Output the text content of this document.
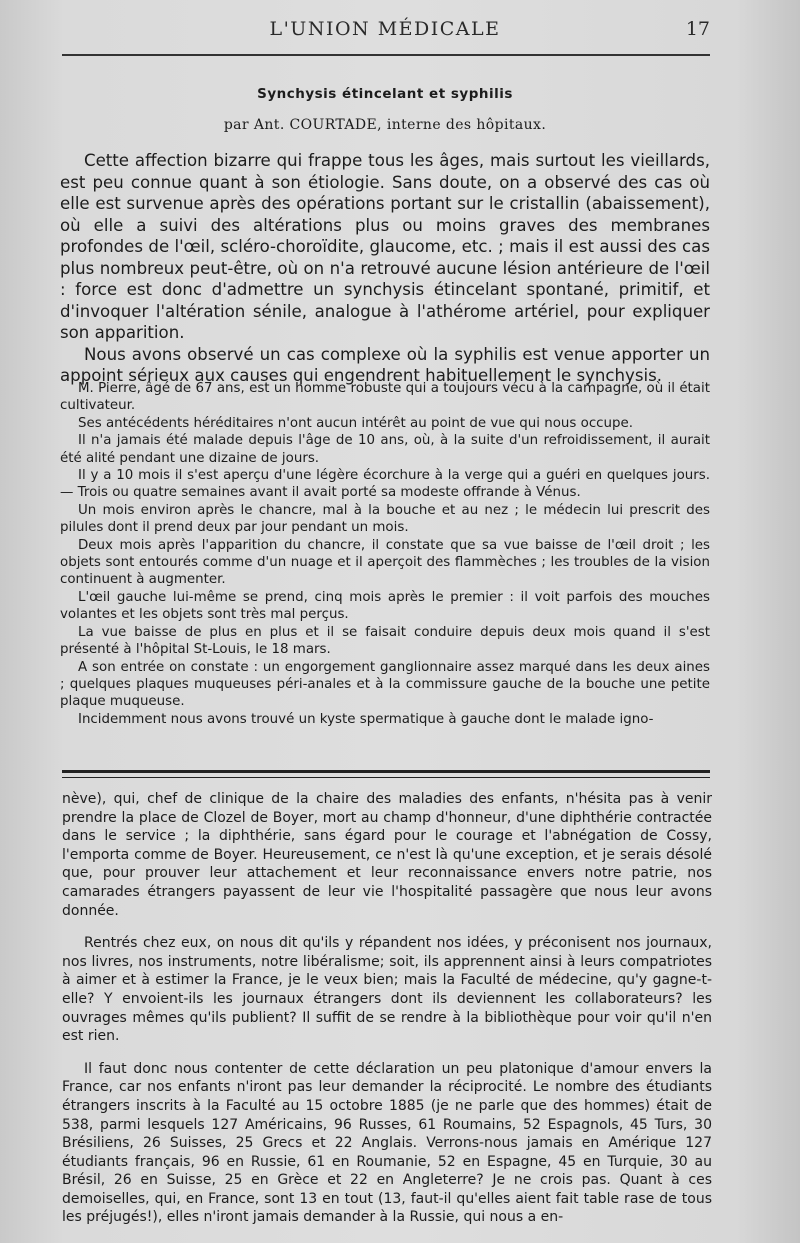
L'UNION MÉDICALE	17
Synchysis étincelant et syphilis
par Ant. COURTADE, interne des hôpitaux.

Cette affection bizarre qui frappe tous les âges, mais surtout les vieillards, est peu connue quant à son étiologie. Sans doute, on a observé des cas où elle est survenue après des opérations portant sur le cristallin (abaissement), où elle a suivi des altérations plus ou moins graves des membranes profondes de l'œil, scléro-choroïdite, glaucome, etc. ; mais il est aussi des cas plus nombreux peut-être, où on n'a retrouvé aucune lésion antérieure de l'œil : force est donc d'admettre un synchysis étincelant spontané, primitif, et d'invoquer l'altération sénile, analogue à l'athérome artériel, pour expliquer son apparition.

Nous avons observé un cas complexe où la syphilis est venue apporter un appoint sérieux aux causes qui engendrent habituellement le synchysis.

M. Pierre, âgé de 67 ans, est un homme robuste qui a toujours vécu à la campagne, où il était cultivateur.

Ses antécédents héréditaires n'ont aucun intérêt au point de vue qui nous occupe.

Il n'a jamais été malade depuis l'âge de 10 ans, où, à la suite d'un refroidissement, il aurait été alité pendant une dizaine de jours.

Il y a 10 mois il s'est aperçu d'une légère écorchure à la verge qui a guéri en quelques jours. — Trois ou quatre semaines avant il avait porté sa modeste offrande à Vénus.

Un mois environ après le chancre, mal à la bouche et au nez ; le médecin lui prescrit des pilules dont il prend deux par jour pendant un mois.

Deux mois après l'apparition du chancre, il constate que sa vue baisse de l'œil droit ; les objets sont entourés comme d'un nuage et il aperçoit des flammèches ; les troubles de la vision continuent à augmenter.

L'œil gauche lui-même se prend, cinq mois après le premier : il voit parfois des mouches volantes et les objets sont très mal perçus.

La vue baisse de plus en plus et il se faisait conduire depuis deux mois quand il s'est présenté à l'hôpital St-Louis, le 18 mars.

A son entrée on constate : un engorgement ganglionnaire assez marqué dans les deux aines ; quelques plaques muqueuses péri-anales et à la commissure gauche de la bouche une petite plaque muqueuse.

Incidemment nous avons trouvé un kyste spermatique à gauche dont le malade igno-

nève), qui, chef de clinique de la chaire des maladies des enfants, n'hésita pas à venir prendre la place de Clozel de Boyer, mort au champ d'honneur, d'une diphthérie contractée dans le service ; la diphthérie, sans égard pour le courage et l'abnégation de Cossy, l'emporta comme de Boyer. Heureusement, ce n'est là qu'une exception, et je serais désolé que, pour prouver leur attachement et leur reconnaissance envers notre patrie, nos camarades étrangers payassent de leur vie l'hospitalité passagère que nous leur avons donnée.

Rentrés chez eux, on nous dit qu'ils y répandent nos idées, y préconisent nos journaux, nos livres, nos instruments, notre libéralisme; soit, ils apprennent ainsi à leurs compatriotes à aimer et à estimer la France, je le veux bien; mais la Faculté de médecine, qu'y gagne-t-elle? Y envoient-ils les journaux étrangers dont ils deviennent les collaborateurs? les ouvrages mêmes qu'ils publient? Il suffit de se rendre à la bibliothèque pour voir qu'il n'en est rien.

Il faut donc nous contenter de cette déclaration un peu platonique d'amour envers la France, car nos enfants n'iront pas leur demander la réciprocité. Le nombre des étudiants étrangers inscrits à la Faculté au 15 octobre 1885 (je ne parle que des hommes) était de 538, parmi lesquels 127 Américains, 96 Russes, 61 Roumains, 52 Espagnols, 45 Turs, 30 Brésiliens, 26 Suisses, 25 Grecs et 22 Anglais. Verrons-nous jamais en Amérique 127 étudiants français, 96 en Russie, 61 en Roumanie, 52 en Espagne, 45 en Turquie, 30 au Brésil, 26 en Suisse, 25 en Grèce et 22 en Angleterre? Je ne crois pas. Quant à ces demoiselles, qui, en France, sont 13 en tout (13, faut-il qu'elles aient fait table rase de tous les préjugés!), elles n'iront jamais demander à la Russie, qui nous a en-
